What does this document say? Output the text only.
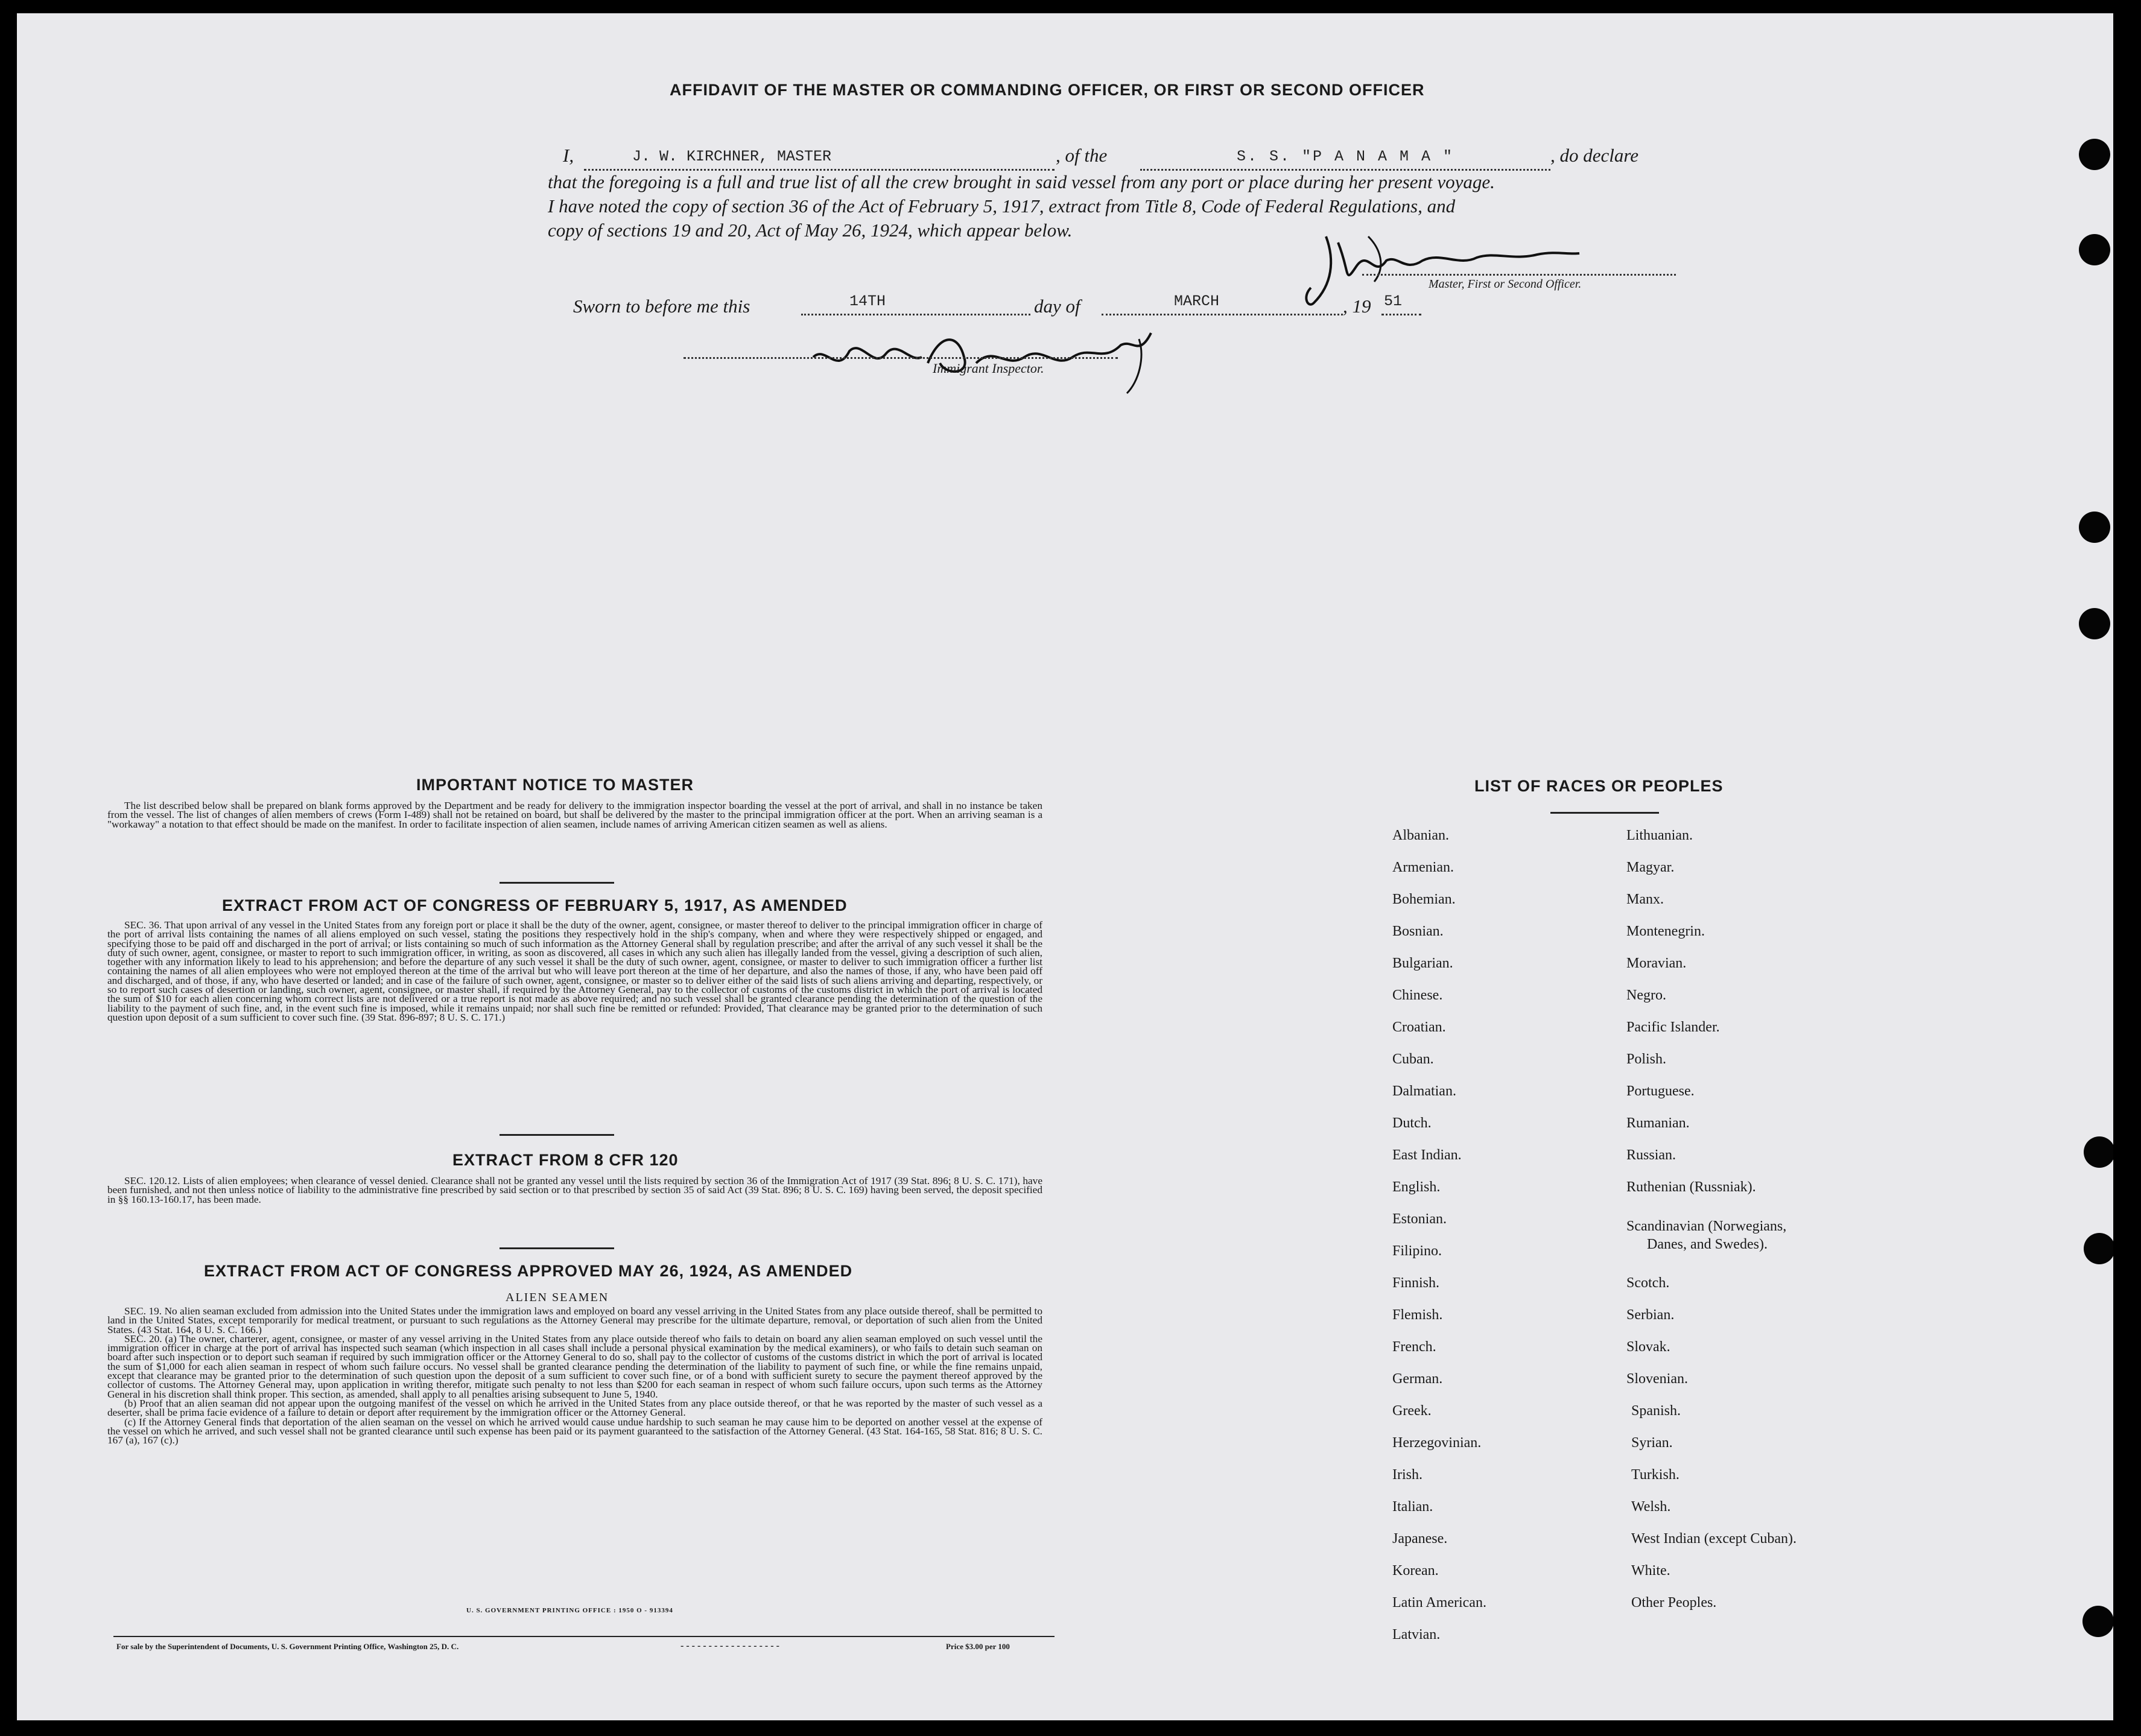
AFFIDAVIT OF THE MASTER OR COMMANDING OFFICER, OR FIRST OR SECOND OFFICER
I,	J. W. KIRCHNER, MASTER	, of the	S. S. "P A N A M A "	, do declare
that the foregoing is a full and true list of all the crew brought in said vessel from any port or place during her present voyage.
I have noted the copy of section 36 of the Act of February 5, 1917, extract from Title 8, Code of Federal Regulations, and
copy of sections 19 and 20, Act of May 26, 1924, which appear below.
Master, First or Second Officer.
Sworn to before me this	14TH	day of	MARCH	, 19 51
Immigrant Inspector.
IMPORTANT NOTICE TO MASTER

The list described below shall be prepared on blank forms approved by the Department and be ready for delivery to the immigration inspector boarding the vessel at the port of arrival, and shall in no instance be taken from the vessel. The list of changes of alien members of crews (Form I-489) shall not be retained on board, but shall be delivered by the master to the principal immigration officer at the port. When an arriving seaman is a "workaway" a notation to that effect should be made on the manifest. In order to facilitate inspection of alien seamen, include names of arriving American citizen seamen as well as aliens.

EXTRACT FROM ACT OF CONGRESS OF FEBRUARY 5, 1917, AS AMENDED

SEC. 36. That upon arrival of any vessel in the United States from any foreign port or place it shall be the duty of the owner, agent, consignee, or master thereof to deliver to the principal immigration officer in charge of the port of arrival lists containing the names of all aliens employed on such vessel, stating the positions they respectively hold in the ship's company, when and where they were respectively shipped or engaged, and specifying those to be paid off and discharged in the port of arrival; or lists containing so much of such information as the Attorney General shall by regulation prescribe; and after the arrival of any such vessel it shall be the duty of such owner, agent, consignee, or master to report to such immigration officer, in writing, as soon as discovered, all cases in which any such alien has illegally landed from the vessel, giving a description of such alien, together with any information likely to lead to his apprehension; and before the departure of any such vessel it shall be the duty of such owner, agent, consignee, or master to deliver to such immigration officer a further list containing the names of all alien employees who were not employed thereon at the time of the arrival but who will leave port thereon at the time of her departure, and also the names of those, if any, who have been paid off and discharged, and of those, if any, who have deserted or landed; and in case of the failure of such owner, agent, consignee, or master so to deliver either of the said lists of such aliens arriving and departing, respectively, or so to report such cases of desertion or landing, such owner, agent, consignee, or master shall, if required by the Attorney General, pay to the collector of customs of the customs district in which the port of arrival is located the sum of $10 for each alien concerning whom correct lists are not delivered or a true report is not made as above required; and no such vessel shall be granted clearance pending the determination of the question of the liability to the payment of such fine, and, in the event such fine is imposed, while it remains unpaid; nor shall such fine be remitted or refunded: Provided, That clearance may be granted prior to the determination of such question upon deposit of a sum sufficient to cover such fine. (39 Stat. 896-897; 8 U. S. C. 171.)

EXTRACT FROM 8 CFR 120

SEC. 120.12. Lists of alien employees; when clearance of vessel denied. Clearance shall not be granted any vessel until the lists required by section 36 of the Immigration Act of 1917 (39 Stat. 896; 8 U. S. C. 171), have been furnished, and not then unless notice of liability to the administrative fine prescribed by said section or to that prescribed by section 35 of said Act (39 Stat. 896; 8 U. S. C. 169) having been served, the deposit specified in §§ 160.13-160.17, has been made.

EXTRACT FROM ACT OF CONGRESS APPROVED MAY 26, 1924, AS AMENDED
ALIEN SEAMEN

SEC. 19. No alien seaman excluded from admission into the United States under the immigration laws and employed on board any vessel arriving in the United States from any place outside thereof, shall be permitted to land in the United States, except temporarily for medical treatment, or pursuant to such regulations as the Attorney General may prescribe for the ultimate departure, removal, or deportation of such alien from the United States. (43 Stat. 164, 8 U. S. C. 166.)

SEC. 20. (a) The owner, charterer, agent, consignee, or master of any vessel arriving in the United States from any place outside thereof who fails to detain on board any alien seaman employed on such vessel until the immigration officer in charge at the port of arrival has inspected such seaman (which inspection in all cases shall include a personal physical examination by the medical examiners), or who fails to detain such seaman on board after such inspection or to deport such seaman if required by such immigration officer or the Attorney General to do so, shall pay to the collector of customs of the customs district in which the port of arrival is located the sum of $1,000 for each alien seaman in respect of whom such failure occurs. No vessel shall be granted clearance pending the determination of the liability to payment of such fine, or while the fine remains unpaid, except that clearance may be granted prior to the determination of such question upon the deposit of a sum sufficient to cover such fine, or of a bond with sufficient surety to secure the payment thereof approved by the collector of customs. The Attorney General may, upon application in writing therefor, mitigate such penalty to not less than $200 for each seaman in respect of whom such failure occurs, upon such terms as the Attorney General in his discretion shall think proper. This section, as amended, shall apply to all penalties arising subsequent to June 5, 1940.

(b) Proof that an alien seaman did not appear upon the outgoing manifest of the vessel on which he arrived in the United States from any place outside thereof, or that he was reported by the master of such vessel as a deserter, shall be prima facie evidence of a failure to detain or deport after requirement by the immigration officer or the Attorney General.

(c) If the Attorney General finds that deportation of the alien seaman on the vessel on which he arrived would cause undue hardship to such seaman he may cause him to be deported on another vessel at the expense of the vessel on which he arrived, and such vessel shall not be granted clearance until such expense has been paid or its payment guaranteed to the satisfaction of the Attorney General. (43 Stat. 164-165, 58 Stat. 816; 8 U. S. C. 167 (a), 167 (c).)

U. S. GOVERNMENT PRINTING OFFICE : 1950 O - 913394
For sale by the Superintendent of Documents, U. S. Government Printing Office, Washington 25, D. C.	- - - - - - - - - - - - - - - - - -	Price $3.00 per 100
LIST OF RACES OR PEOPLES
Albanian.
Armenian.
Bohemian.
Bosnian.
Bulgarian.
Chinese.
Croatian.
Cuban.
Dalmatian.
Dutch.
East Indian.
English.
Estonian.
Filipino.
Finnish.
Flemish.
French.
German.
Greek.
Herzegovinian.
Irish.
Italian.
Japanese.
Korean.
Latin American.
Latvian.
Lithuanian.
Magyar.
Manx.
Montenegrin.
Moravian.
Negro.
Pacific Islander.
Polish.
Portuguese.
Rumanian.
Russian.
Ruthenian (Russniak).
Scandinavian (Norwegians,
Danes, and Swedes).
Scotch.
Serbian.
Slovak.
Slovenian.
Spanish.
Syrian.
Turkish.
Welsh.
West Indian (except Cuban).
White.
Other Peoples.
